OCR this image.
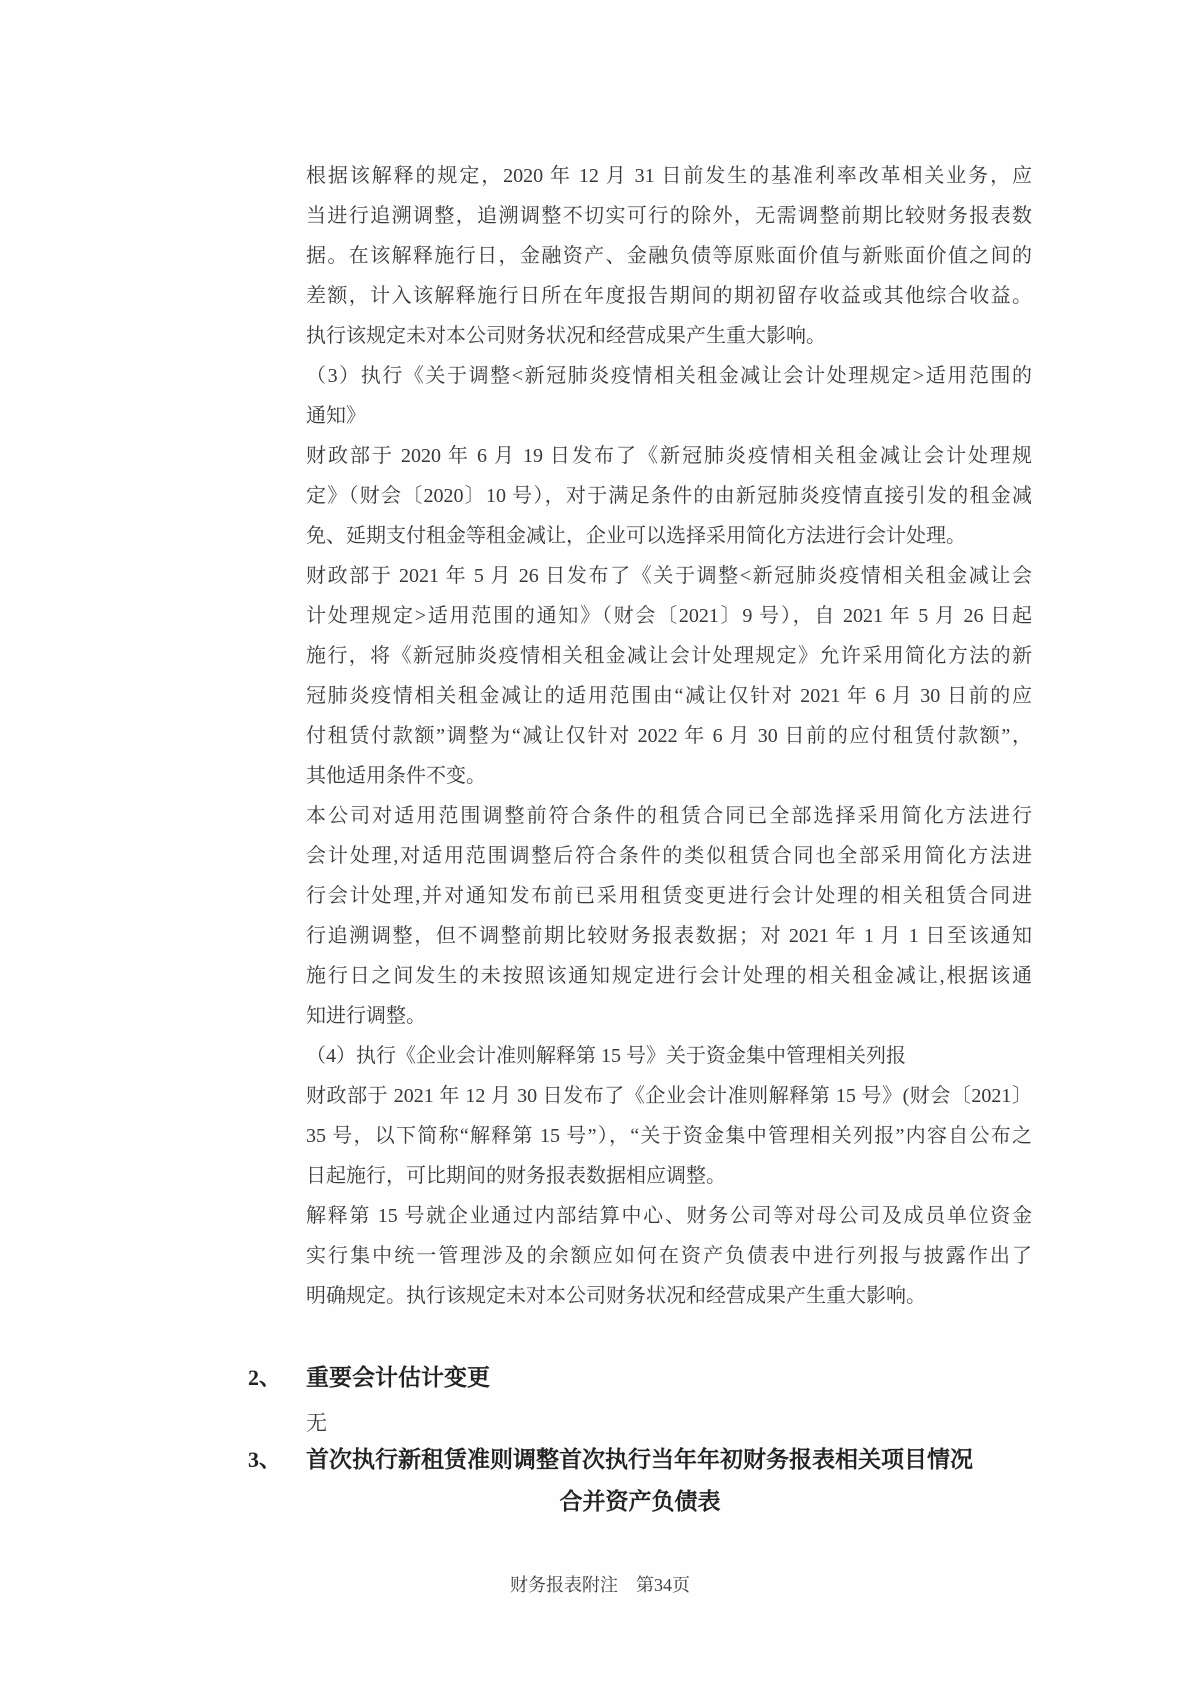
根据该解释的规定，2020 年 12 月 31 日前发生的基准利率改革相关业务，应
当进行追溯调整，追溯调整不切实可行的除外，无需调整前期比较财务报表数
据。在该解释施行日，金融资产、金融负债等原账面价值与新账面价值之间的
差额，计入该解释施行日所在年度报告期间的期初留存收益或其他综合收益。
执行该规定未对本公司财务状况和经营成果产生重大影响。
（3）执行《关于调整<新冠肺炎疫情相关租金减让会计处理规定>适用范围的
通知》
财政部于 2020 年 6 月 19 日发布了《新冠肺炎疫情相关租金减让会计处理规
定》（财会〔2020〕10 号），对于满足条件的由新冠肺炎疫情直接引发的租金减
免、延期支付租金等租金减让，企业可以选择采用简化方法进行会计处理。
财政部于 2021 年 5 月 26 日发布了《关于调整<新冠肺炎疫情相关租金减让会
计处理规定>适用范围的通知》（财会〔2021〕9 号），自 2021 年 5 月 26 日起
施行，将《新冠肺炎疫情相关租金减让会计处理规定》允许采用简化方法的新
冠肺炎疫情相关租金减让的适用范围由“减让仅针对 2021 年 6 月 30 日前的应
付租赁付款额”调整为“减让仅针对 2022 年 6 月 30 日前的应付租赁付款额”，
其他适用条件不变。
本公司对适用范围调整前符合条件的租赁合同已全部选择采用简化方法进行
会计处理,对适用范围调整后符合条件的类似租赁合同也全部采用简化方法进
行会计处理,并对通知发布前已采用租赁变更进行会计处理的相关租赁合同进
行追溯调整，但不调整前期比较财务报表数据；对 2021 年 1 月 1 日至该通知
施行日之间发生的未按照该通知规定进行会计处理的相关租金减让,根据该通
知进行调整。
（4）执行《企业会计准则解释第 15 号》关于资金集中管理相关列报
财政部于 2021 年 12 月 30 日发布了《企业会计准则解释第 15 号》(财会〔2021〕
35 号，以下简称“解释第 15 号”），“关于资金集中管理相关列报”内容自公布之
日起施行，可比期间的财务报表数据相应调整。
解释第 15 号就企业通过内部结算中心、财务公司等对母公司及成员单位资金
实行集中统一管理涉及的余额应如何在资产负债表中进行列报与披露作出了
明确规定。执行该规定未对本公司财务状况和经营成果产生重大影响。
2、 重要会计估计变更
无
3、 首次执行新租赁准则调整首次执行当年年初财务报表相关项目情况
合并资产负债表
财务报表附注　第34页
